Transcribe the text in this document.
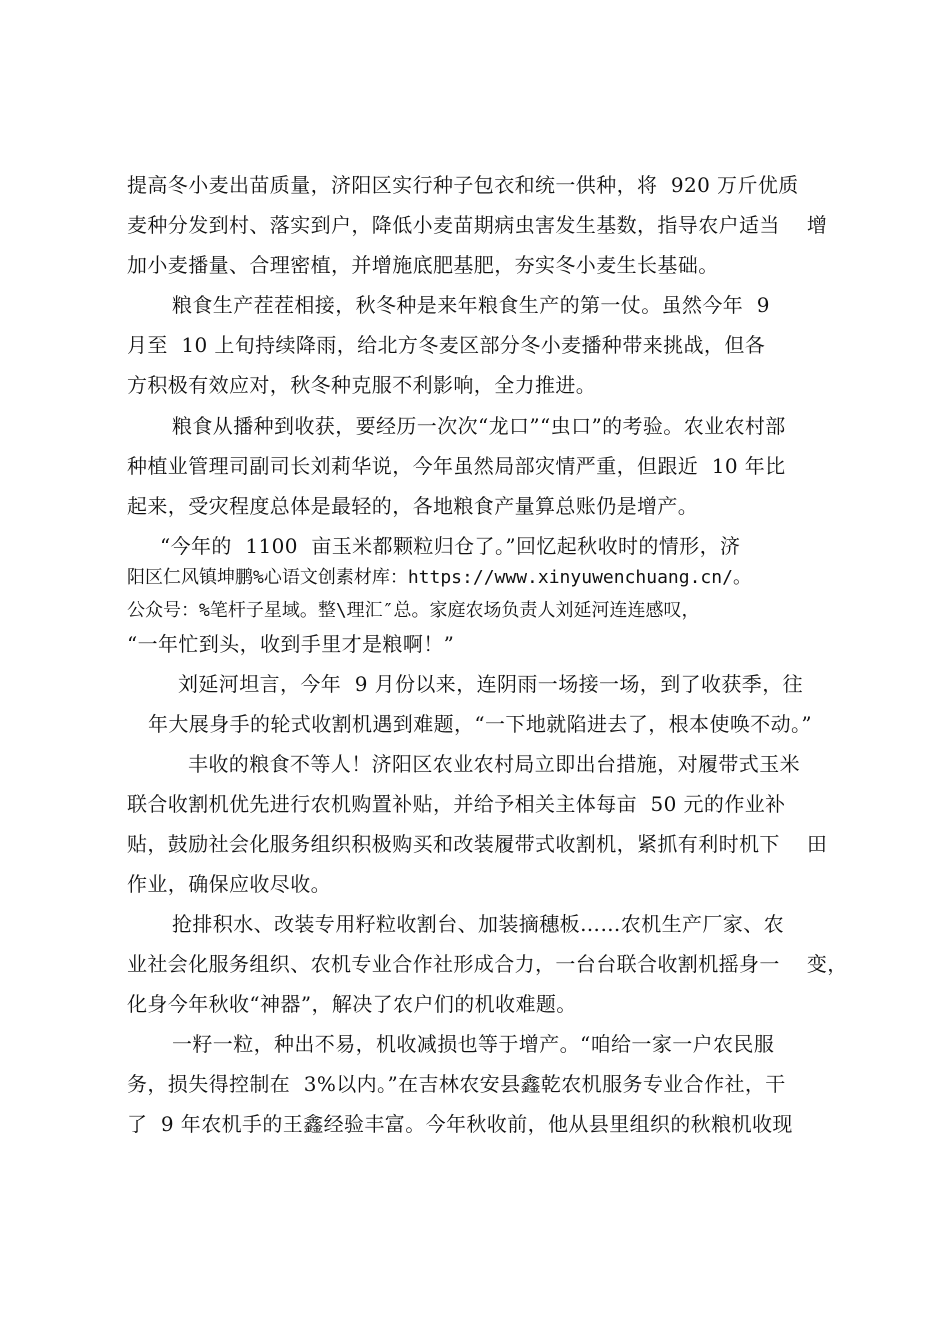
提高冬小麦出苗质量，济阳区实行种子包衣和统一供种，将  920 万斤优质
麦种分发到村、落实到户，降低小麦苗期病虫害发生基数，指导农户适当    增
加小麦播量、合理密植，并增施底肥基肥，夯实冬小麦生长基础。
粮食生产茬茬相接，秋冬种是来年粮食生产的第一仗。虽然今年  9
月至  10 上旬持续降雨，给北方冬麦区部分冬小麦播种带来挑战，但各
方积极有效应对，秋冬种克服不利影响，全力推进。
粮食从播种到收获，要经历一次次“龙口”“虫口”的考验。农业农村部
种植业管理司副司长刘莉华说，今年虽然局部灾情严重，但跟近  10 年比
起来，受灾程度总体是最轻的，各地粮食产量算总账仍是增产。
“今年的  1100  亩玉米都颗粒归仓了。”回忆起秋收时的情形，济
阳区仁风镇坤鹏%心语文创素材库：https://www.xinyuwenchuang.cn/。
公众号：%笔杆子星域。整\理汇″总。家庭农场负责人刘延河连连感叹，
“一年忙到头，收到手里才是粮啊！”
刘延河坦言，今年  9 月份以来，连阴雨一场接一场，到了收获季，往
年大展身手的轮式收割机遇到难题，“一下地就陷进去了，根本使唤不动。”
丰收的粮食不等人！济阳区农业农村局立即出台措施，对履带式玉米
联合收割机优先进行农机购置补贴，并给予相关主体每亩  50 元的作业补
贴，鼓励社会化服务组织积极购买和改装履带式收割机，紧抓有利时机下    田
作业，确保应收尽收。
抢排积水、改装专用籽粒收割台、加装摘穗板……农机生产厂家、农
业社会化服务组织、农机专业合作社形成合力，一台台联合收割机摇身一    变，
化身今年秋收“神器”，解决了农户们的机收难题。
一籽一粒，种出不易，机收减损也等于增产。“咱给一家一户农民服
务，损失得控制在  3%以内。”在吉林农安县鑫乾农机服务专业合作社，干
了  9 年农机手的王鑫经验丰富。今年秋收前，他从县里组织的秋粮机收现
